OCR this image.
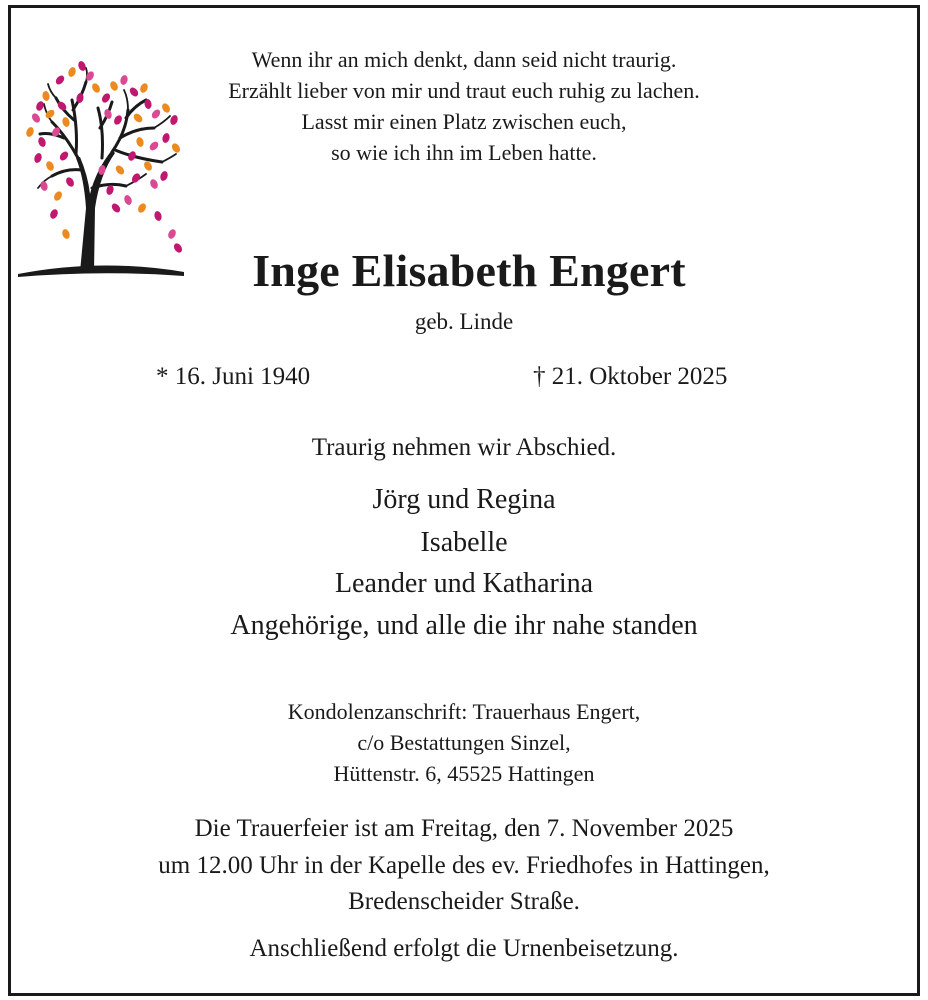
Wenn ihr an mich denkt, dann seid nicht traurig.
Erzählt lieber von mir und traut euch ruhig zu lachen.
Lasst mir einen Platz zwischen euch,
so wie ich ihn im Leben hatte.
Inge Elisabeth Engert
geb. Linde
* 16. Juni 1940	† 21. Oktober 2025
Traurig nehmen wir Abschied.
Jörg und Regina
Isabelle
Leander und Katharina
Angehörige, und alle die ihr nahe standen
Kondolenzanschrift: Trauerhaus Engert,
c/o Bestattungen Sinzel,
Hüttenstr. 6, 45525 Hattingen
Die Trauerfeier ist am Freitag, den 7. November 2025
um 12.00 Uhr in der Kapelle des ev. Friedhofes in Hattingen,
Bredenscheider Straße.
Anschließend erfolgt die Urnenbeisetzung.
